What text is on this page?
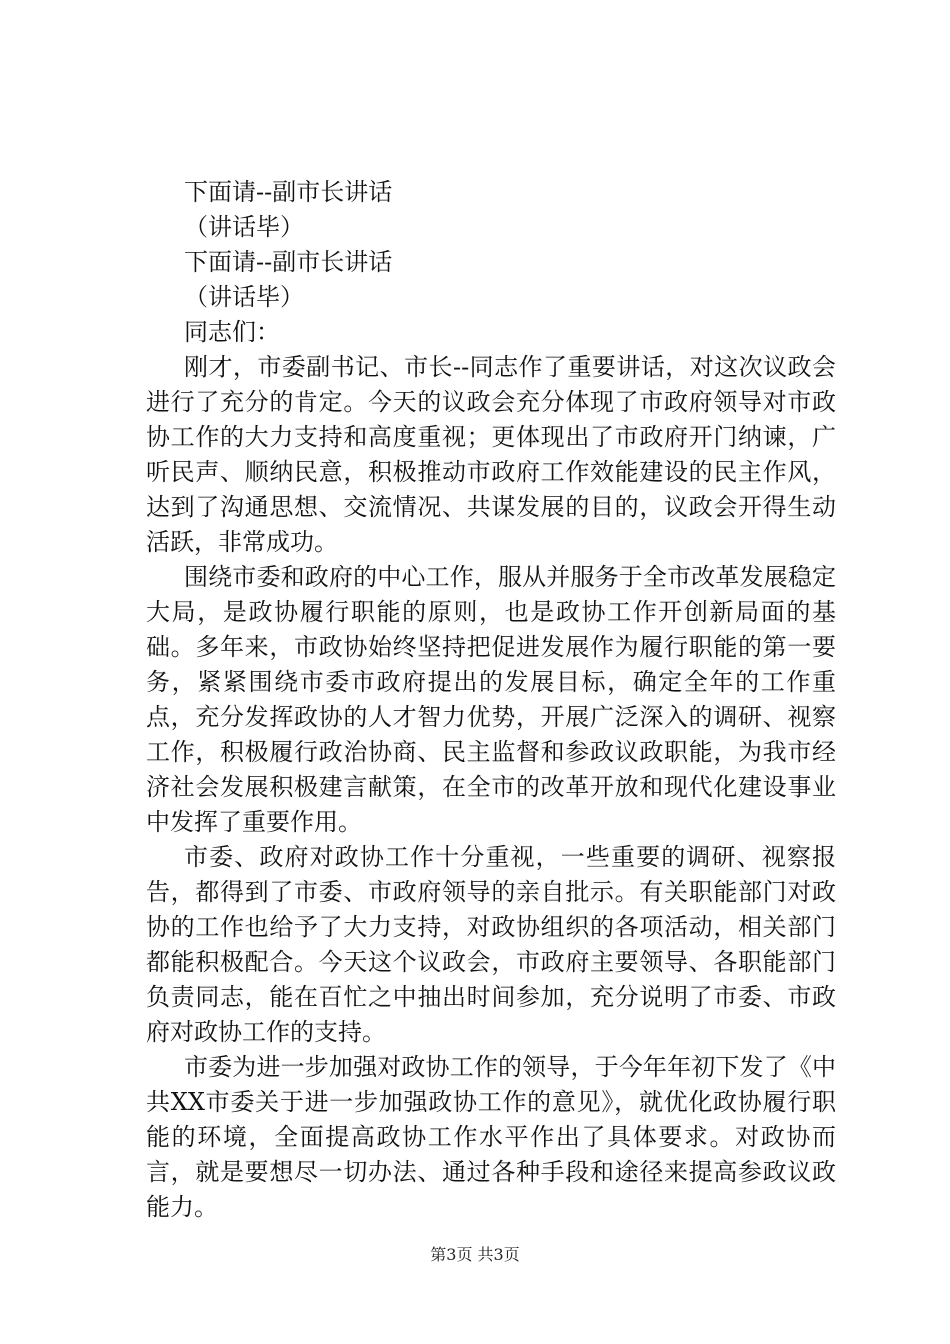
下面请--副市长讲话
（讲话毕）
下面请--副市长讲话
（讲话毕）
同志们：

刚才，市委副书记、市长--同志作了重要讲话，对这次议政会进行了充分的肯定。今天的议政会充分体现了市政府领导对市政协工作的大力支持和高度重视；更体现出了市政府开门纳谏，广听民声、顺纳民意，积极推动市政府工作效能建设的民主作风，达到了沟通思想、交流情况、共谋发展的目的，议政会开得生动活跃，非常成功。

围绕市委和政府的中心工作，服从并服务于全市改革发展稳定大局，是政协履行职能的原则，也是政协工作开创新局面的基础。多年来，市政协始终坚持把促进发展作为履行职能的第一要务，紧紧围绕市委市政府提出的发展目标，确定全年的工作重点，充分发挥政协的人才智力优势，开展广泛深入的调研、视察工作，积极履行政治协商、民主监督和参政议政职能，为我市经济社会发展积极建言献策，在全市的改革开放和现代化建设事业中发挥了重要作用。

市委、政府对政协工作十分重视，一些重要的调研、视察报告，都得到了市委、市政府领导的亲自批示。有关职能部门对政协的工作也给予了大力支持，对政协组织的各项活动，相关部门都能积极配合。今天这个议政会，市政府主要领导、各职能部门负责同志，能在百忙之中抽出时间参加，充分说明了市委、市政府对政协工作的支持。

市委为进一步加强对政协工作的领导，于今年年初下发了《中共XX市委关于进一步加强政协工作的意见》，就优化政协履行职能的环境，全面提高政协工作水平作出了具体要求。对政协而言，就是要想尽一切办法、通过各种手段和途径来提高参政议政能力。

第3页 共3页
